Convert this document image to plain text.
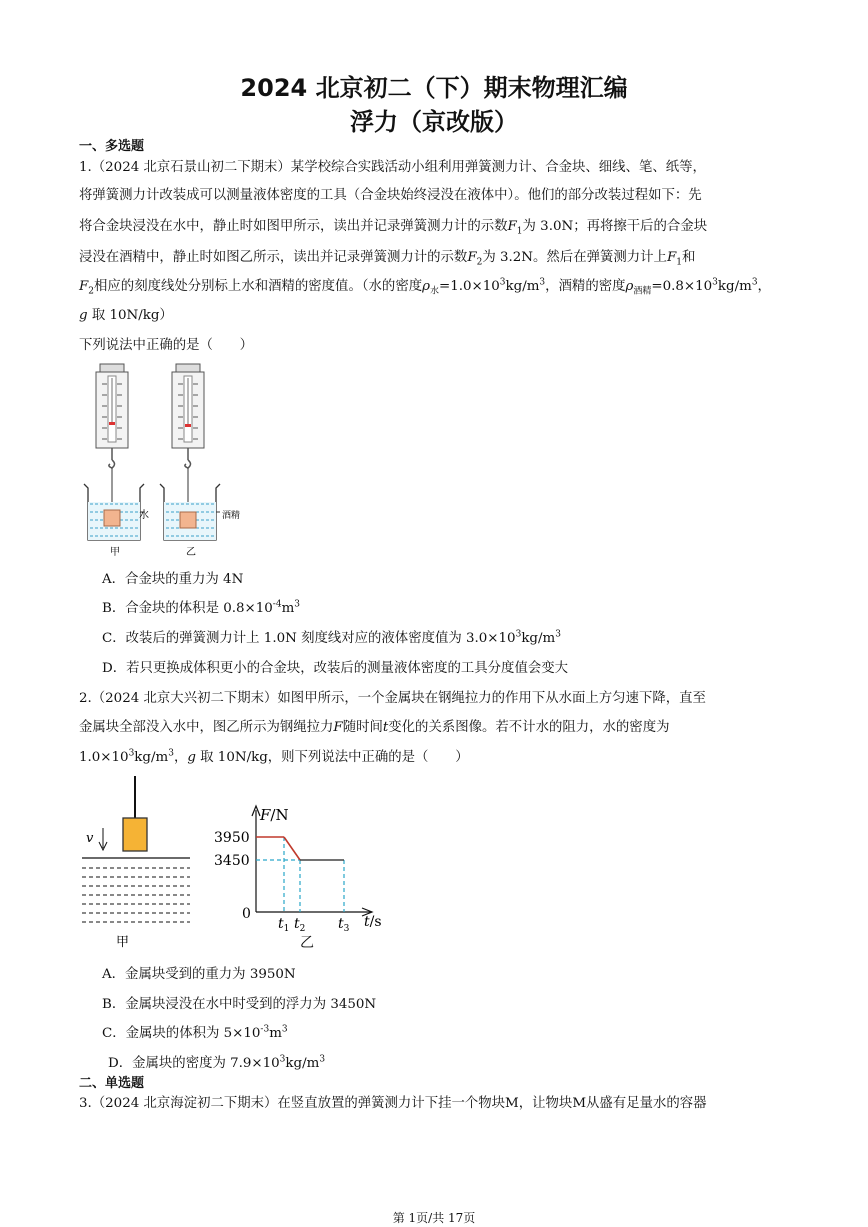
2024 北京初二（下）期末物理汇编
浮力（京改版）
一、多选题
1.（2024 北京石景山初二下期末）某学校综合实践活动小组利用弹簧测力计、合金块、细线、笔、纸等，
将弹簧测力计改装成可以测量液体密度的工具（合金块始终浸没在液体中）。他们的部分改装过程如下：先
将合金块浸没在水中，静止时如图甲所示，读出并记录弹簧测力计的示数$F_1$为 3.0N；再将擦干后的合金块
浸没在酒精中，静止时如图乙所示，读出并记录弹簧测力计的示数$F_2$为 3.2N。然后在弹簧测力计上$F_1$和
$F_2$相应的刻度线处分别标上水和酒精的密度值。（水的密度$\rho_水=1.0\times 10^3kg/m^3$，酒精的密度$\rho_{酒精}=0.8\times 10^3kg/m^3$，
g 取 10N/kg）
下列说法中正确的是（　　）
水	酒精
甲	乙
A．合金块的重力为 4N
B．合金块的体积是 $0.8\times 10^{-4}m^3$
C．改装后的弹簧测力计上 1.0N 刻度线对应的液体密度值为 $3.0\times 10^3kg/m^3$
D．若只更换成体积更小的合金块，改装后的测量液体密度的工具分度值会变大
2.（2024 北京大兴初二下期末）如图甲所示，一个金属块在钢绳拉力的作用下从水面上方匀速下降，直至
金属块全部没入水中，图乙所示为钢绳拉力F随时间t变化的关系图像。若不计水的阻力，水的密度为
$1.0\times 10^3kg/m^3$，g 取 10N/kg，则下列说法中正确的是（　　）
v
甲
F/N
t/s
0
3950
3450
$t_1$ $t_2$ $t_3$
乙
A．金属块受到的重力为 3950N
B．金属块浸没在水中时受到的浮力为 3450N
C．金属块的体积为 $5\times 10^{-3}m^3$
D．金属块的密度为 $7.9\times 10^3kg/m^3$
二、单选题
3.（2024 北京海淀初二下期末）在竖直放置的弹簧测力计下挂一个物块M，让物块M从盛有足量水的容器
第 1页/共 17页
